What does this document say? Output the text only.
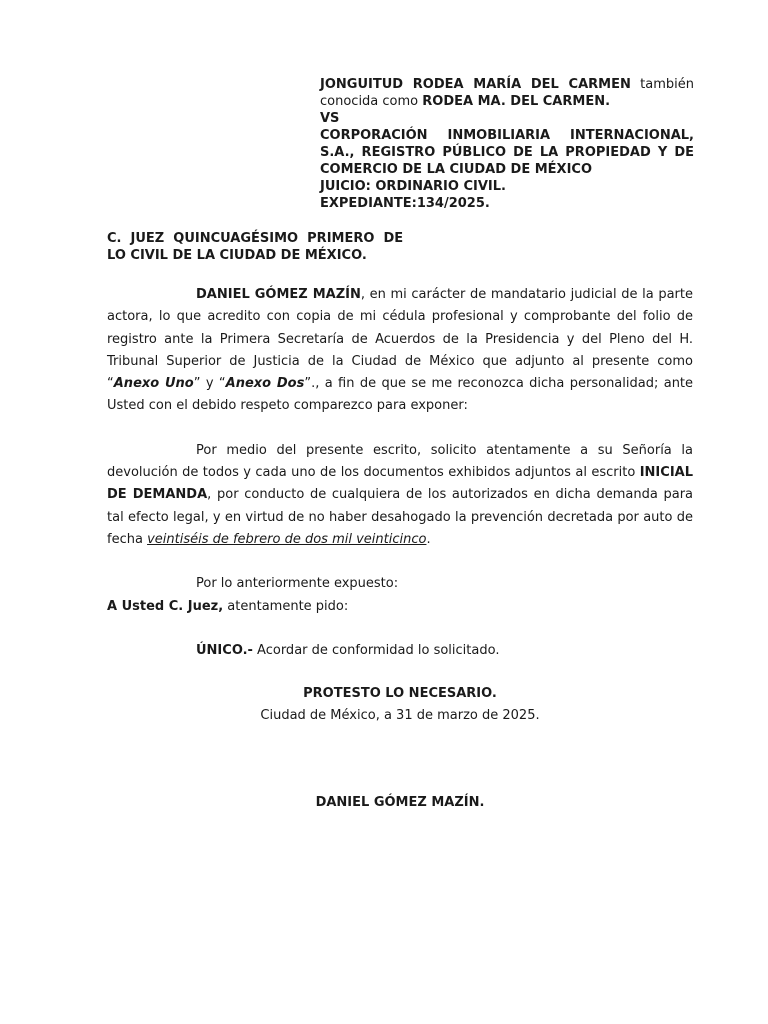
JONGUITUD RODEA MARÍA DEL CARMEN también conocida como RODEA MA. DEL CARMEN.

VS

CORPORACIÓN INMOBILIARIA INTERNACIONAL, S.A., REGISTRO PÚBLICO DE LA PROPIEDAD Y DE COMERCIO DE LA CIUDAD DE MÉXICO

JUICIO: ORDINARIO CIVIL.

EXPEDIANTE:134/2025.

C.  JUEZ  QUINCUAGÉSIMO  PRIMERO  DE

LO CIVIL DE LA CIUDAD DE MÉXICO.

DANIEL GÓMEZ MAZÍN, en mi carácter de mandatario judicial de la parte actora, lo que acredito con copia de mi cédula profesional y comprobante del folio de registro ante la Primera Secretaría de Acuerdos de la Presidencia y del Pleno del H. Tribunal Superior de Justicia de la Ciudad de México que adjunto al presente como “Anexo Uno” y “Anexo Dos”., a fin de que se me reconozca dicha personalidad; ante Usted con el debido respeto comparezco para exponer:

Por medio del presente escrito, solicito atentamente a su Señoría la devolución de todos y cada uno de los documentos exhibidos adjuntos al escrito INICIAL DE DEMANDA, por conducto de cualquiera de los autorizados en dicha demanda para tal efecto legal, y en virtud de no haber desahogado la prevención decretada por auto de fecha veintiséis de febrero de dos mil veinticinco.

Por lo anteriormente expuesto:

A Usted C. Juez, atentamente pido:

ÚNICO.- Acordar de conformidad lo solicitado.

PROTESTO LO NECESARIO.

Ciudad de México, a 31 de marzo de 2025.

DANIEL GÓMEZ MAZÍN.
